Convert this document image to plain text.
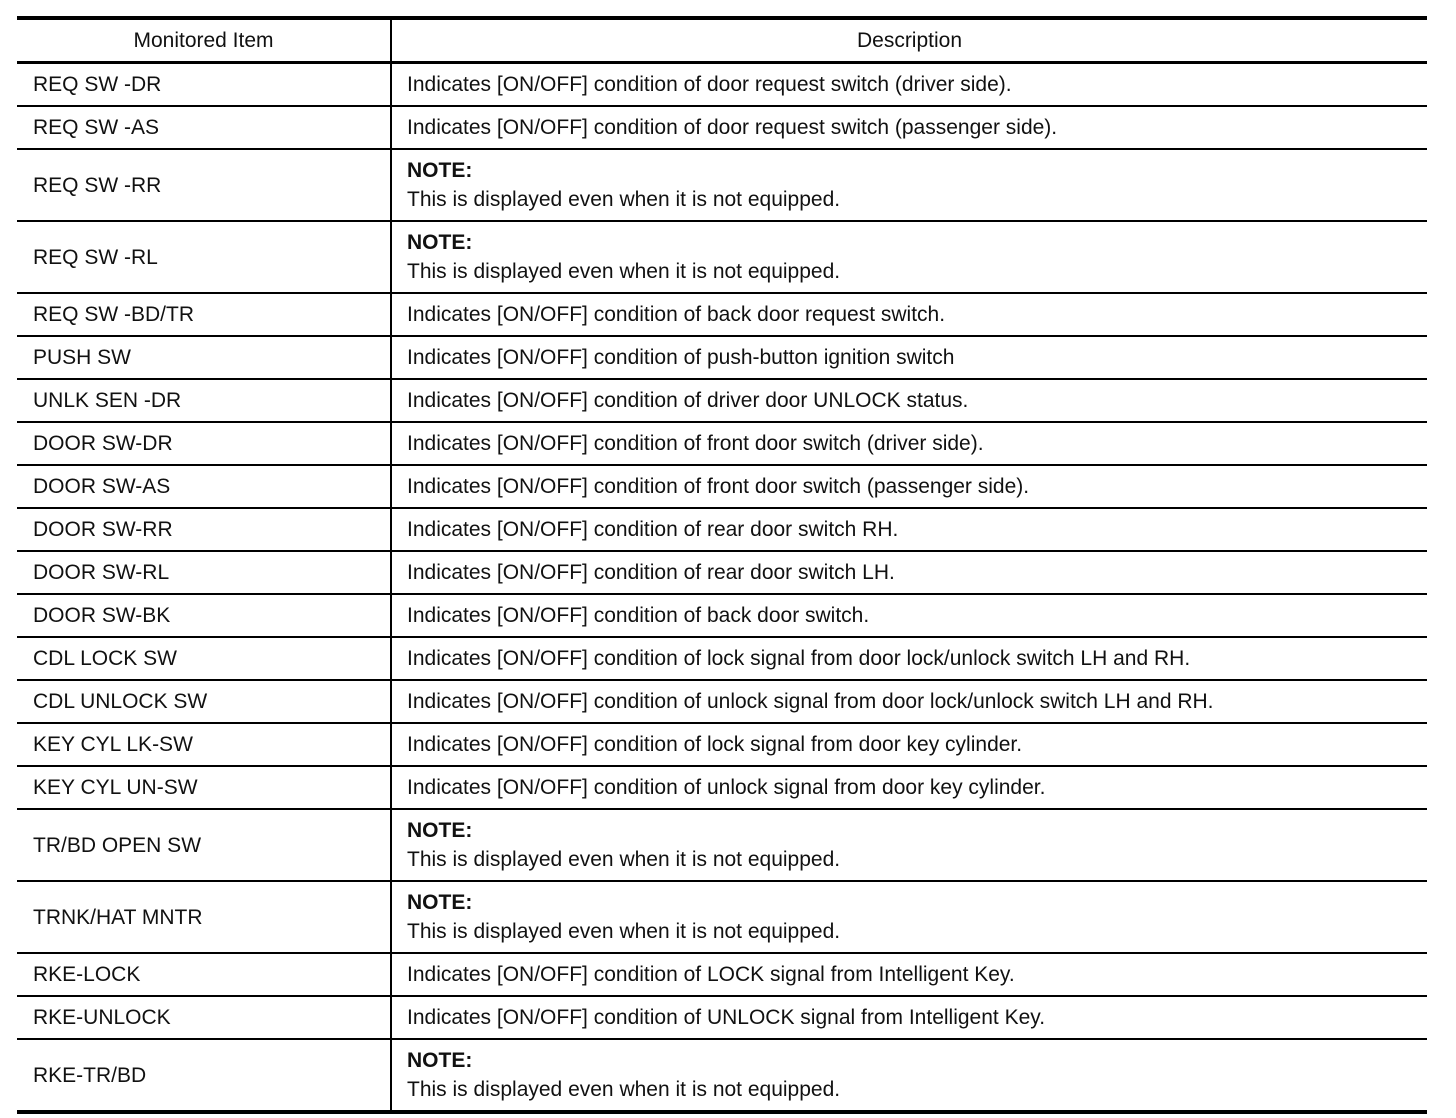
Monitored Item	Description
REQ SW -DR	Indicates [ON/OFF] condition of door request switch (driver side).
REQ SW -AS	Indicates [ON/OFF] condition of door request switch (passenger side).
REQ SW -RR	NOTE:
This is displayed even when it is not equipped.

REQ SW -RL	NOTE:
This is displayed even when it is not equipped.

REQ SW -BD/TR	Indicates [ON/OFF] condition of back door request switch.
PUSH SW	Indicates [ON/OFF] condition of push-button ignition switch
UNLK SEN -DR	Indicates [ON/OFF] condition of driver door UNLOCK status.
DOOR SW-DR	Indicates [ON/OFF] condition of front door switch (driver side).
DOOR SW-AS	Indicates [ON/OFF] condition of front door switch (passenger side).
DOOR SW-RR	Indicates [ON/OFF] condition of rear door switch RH.
DOOR SW-RL	Indicates [ON/OFF] condition of rear door switch LH.
DOOR SW-BK	Indicates [ON/OFF] condition of back door switch.
CDL LOCK SW	Indicates [ON/OFF] condition of lock signal from door lock/unlock switch LH and RH.
CDL UNLOCK SW	Indicates [ON/OFF] condition of unlock signal from door lock/unlock switch LH and RH.
KEY CYL LK-SW	Indicates [ON/OFF] condition of lock signal from door key cylinder.
KEY CYL UN-SW	Indicates [ON/OFF] condition of unlock signal from door key cylinder.
TR/BD OPEN SW	NOTE:
This is displayed even when it is not equipped.

TRNK/HAT MNTR	NOTE:
This is displayed even when it is not equipped.

RKE-LOCK	Indicates [ON/OFF] condition of LOCK signal from Intelligent Key.
RKE-UNLOCK	Indicates [ON/OFF] condition of UNLOCK signal from Intelligent Key.
RKE-TR/BD	NOTE:
This is displayed even when it is not equipped.
